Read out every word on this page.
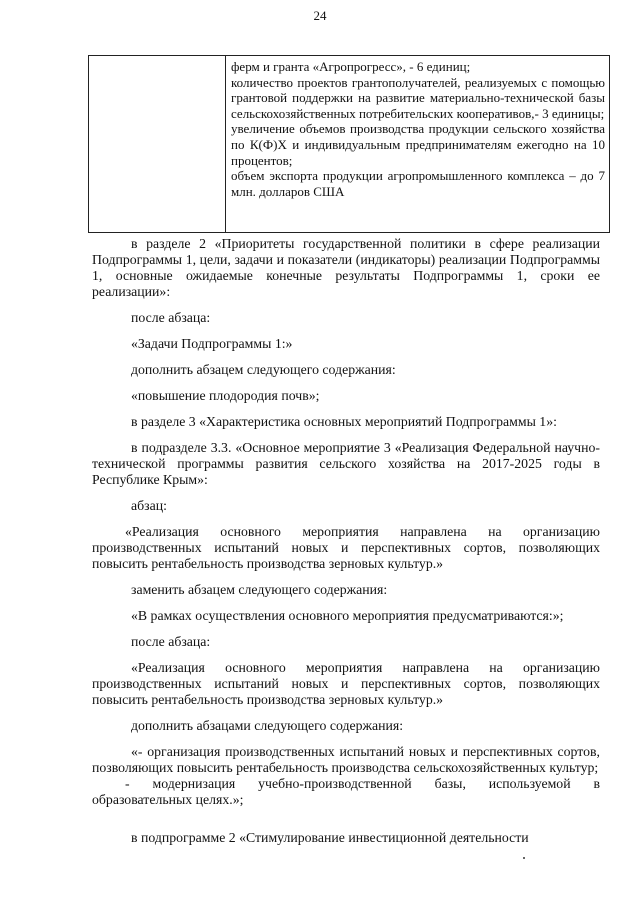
24

ферм и гранта «Агропрогресс», - 6 единиц;

количество проектов грантополучателей, реализуемых с помощью грантовой поддержки на развитие материально-технической базы сельскохозяйственных потребительских кооперативов,- 3 единицы;

увеличение объемов производства продукции сельского хозяйства по К(Ф)Х и индивидуальным предпринимателям ежегодно на 10 процентов;

объем экспорта продукции агропромышленного комплекса – до 7 млн. долларов США

в разделе 2 «Приоритеты государственной политики в сфере реализации Подпрограммы 1, цели, задачи и показатели (индикаторы) реализации Подпрограммы 1, основные ожидаемые конечные результаты Подпрограммы 1, сроки ее реализации»:

после абзаца:

«Задачи Подпрограммы 1:»

дополнить абзацем следующего содержания:

«повышение плодородия почв»;

в разделе 3 «Характеристика основных мероприятий Подпрограммы 1»:

в подразделе 3.3. «Основное мероприятие 3 «Реализация Федеральной научно-технической программы развития сельского хозяйства на 2017-2025 годы в Республике Крым»:

абзац:

«Реализация основного мероприятия направлена на организацию производственных испытаний новых и перспективных сортов, позволяющих повысить рентабельность производства зерновых культур.»

заменить абзацем следующего содержания:

«В рамках осуществления основного мероприятия предусматриваются:»;

после абзаца:

«Реализация основного мероприятия направлена на организацию производственных испытаний новых и перспективных сортов, позволяющих повысить рентабельность производства зерновых культур.»

дополнить абзацами следующего содержания:

«- организация производственных испытаний новых и перспективных сортов, позволяющих повысить рентабельность производства сельскохозяйственных культур;

- модернизация учебно-производственной базы, используемой в образовательных целях.»;

в подпрограмме 2 «Стимулирование инвестиционной деятельности
